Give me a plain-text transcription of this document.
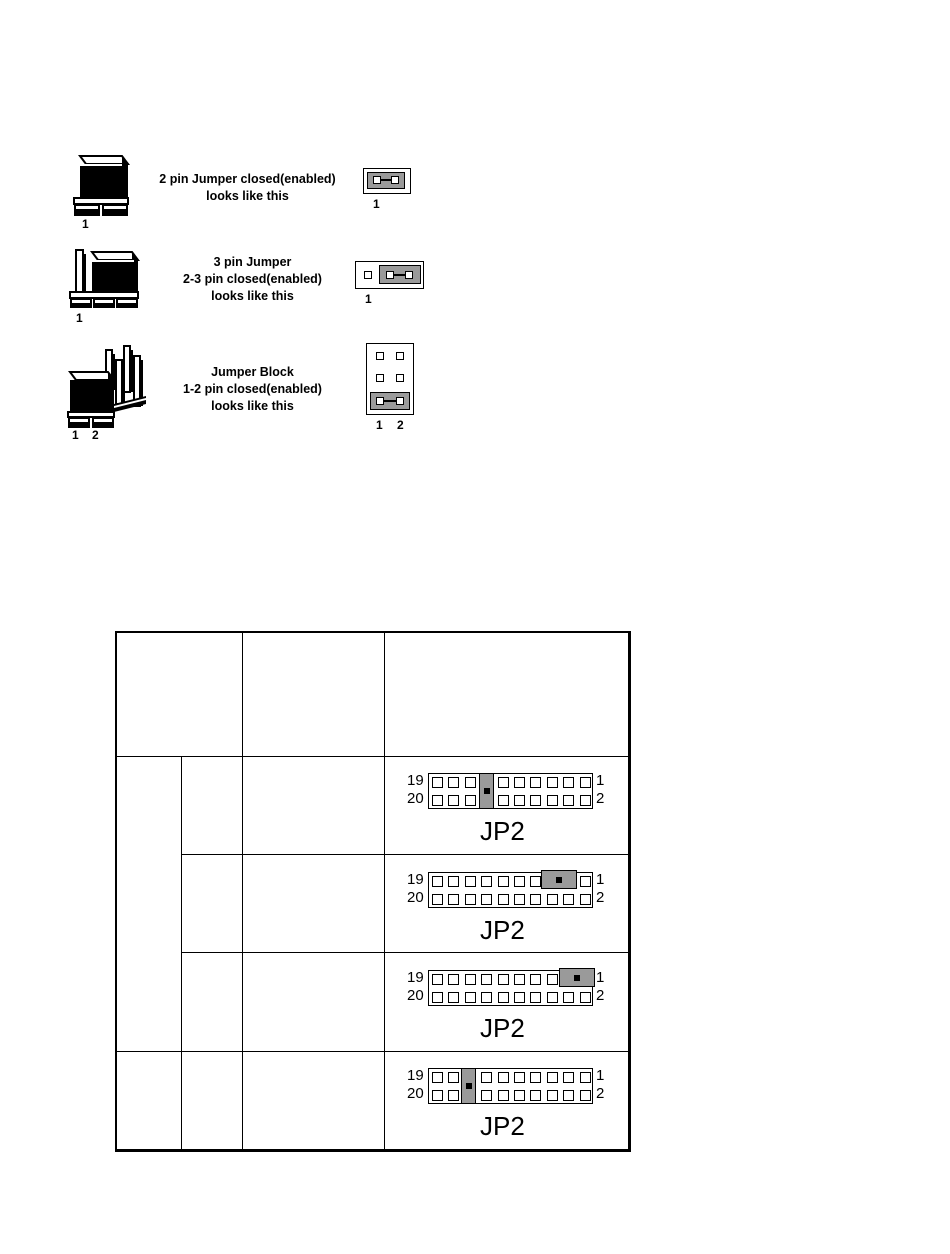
1
2 pin Jumper closed(enabled)
looks like this
1
1
3 pin Jumper
2-3 pin closed(enabled)
looks like this	1
1 2
Jumper Block
1-2 pin closed(enabled)
looks like this
1 2
19
20
1
2
JP2
19
20
1
2
JP2
19
20
1
2
JP2
19
20
1
2
JP2
